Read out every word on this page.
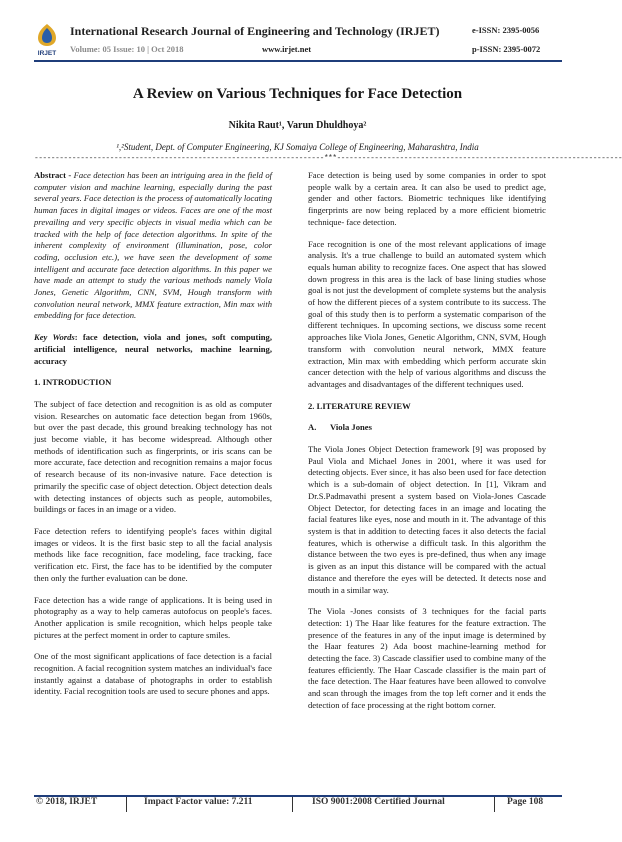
IRJET
International Research Journal of Engineering and Technology (IRJET)	e-ISSN: 2395-0056
Volume: 05 Issue: 10 | Oct 2018	www.irjet.net	p-ISSN: 2395-0072
A Review on Various Techniques for Face Detection
Nikita Raut¹, Varun Dhuldhoya²
¹,²Student, Dept. of Computer Engineering, KJ Somaiya College of Engineering, Maharashtra, India
---------------------------------------------------------------------***--------------------------------------------------------------------

Abstract - Face detection has been an intriguing area in the field of computer vision and machine learning, especially during the past several years. Face detection is the process of automatically locating human faces in digital images or videos. Faces are one of the most prevailing and very specific objects in visual media which can be tracked with the help of face detection algorithms. In spite of the inherent complexity of environment (illumination, pose, color coding, occlusion etc.), we have seen the development of some intelligent and accurate face detection algorithms. In this paper we have made an attempt to study the various methods namely Viola Jones, Genetic Algorithm, CNN, SVM, Hough transform with convolution neural network, MMX feature extraction, Min max with embedding for face detection.

Key Words: face detection, viola and jones, soft computing, artificial intelligence, neural networks, machine learning, accuracy

1. INTRODUCTION

The subject of face detection and recognition is as old as computer vision. Researches on automatic face detection began from 1960s, but over the past decade, this ground breaking technology has not just become viable, it has become widespread. Although other methods of identification such as fingerprints, or iris scans can be more accurate, face detection and recognition remains a major focus of research because of its non-invasive nature. Face detection is primarily the specific case of object detection. Object detection deals with detecting instances of objects such as people, automobiles, buildings or faces in an image or a video.

Face detection refers to identifying people's faces within digital images or videos. It is the first basic step to all the facial analysis methods like face recognition, face modeling, face tracking, face verification etc. First, the face has to be identified by the computer then only the further evaluation can be done.

Face detection has a wide range of applications. It is being used in photography as a way to help cameras autofocus on people's faces. Another application is smile recognition, which helps people take pictures at the perfect moment in order to capture smiles.

One of the most significant applications of face detection is a facial recognition. A facial recognition system matches an individual's face instantly against a database of photographs in order to establish identity. Facial recognition tools are used to secure phones and apps.

Face detection is being used by some companies in order to spot people walk by a certain area. It can also be used to predict age, gender and other factors. Biometric techniques like identifying fingerprints are now being replaced by a more efficient biometric technique- face detection.

Face recognition is one of the most relevant applications of image analysis. It's a true challenge to build an automated system which equals human ability to recognize faces. One aspect that has slowed down progress in this area is the lack of base lining studies whose goal is not just the development of complete systems but the analysis of how the different pieces of a system contribute to its success. The goal of this study then is to perform a systematic comparison of the different techniques. In upcoming sections, we discuss some recent approaches like Viola Jones, Genetic Algorithm, CNN, SVM, Hough transform with convolution neural network, MMX feature extraction, Min max with embedding which perform accurate skin cancer detection with the help of various algorithms and discuss the advantages and disadvantages of the different techniques used.

2. LITERATURE REVIEW
A. Viola Jones

The Viola Jones Object Detection framework [9] was proposed by Paul Viola and Michael Jones in 2001, where it was used for detecting objects. Ever since, it has also been used for face detection which is a sub-domain of object detection. In [1], Vikram and Dr.S.Padmavathi present a system based on Viola-Jones Cascade Object Detector, for detecting faces in an image and locating the facial features like eyes, nose and mouth in it. The advantage of this system is that in addition to detecting faces it also detects the facial features, which is otherwise a difficult task. In this algorithm the distance between the two eyes is pre-defined, thus when any image is given as an input this distance will be compared with the actual distance and therefore the eyes will be detected. It detects nose and mouth in a similar way.

The Viola -Jones consists of 3 techniques for the facial parts detection: 1) The Haar like features for the feature extraction. The presence of the features in any of the input image is determined by the Haar features 2) Ada boost machine-learning method for detecting the face. 3) Cascade classifier used to combine many of the features efficiently. The Haar Cascade classifier is the main part of the face detection. The Haar features have been allowed to convolve and scan through the images from the top left corner and it ends the detection of face processing at the right bottom corner.

© 2018, IRJET	Impact Factor value: 7.211	ISO 9001:2008 Certified Journal	Page 108
